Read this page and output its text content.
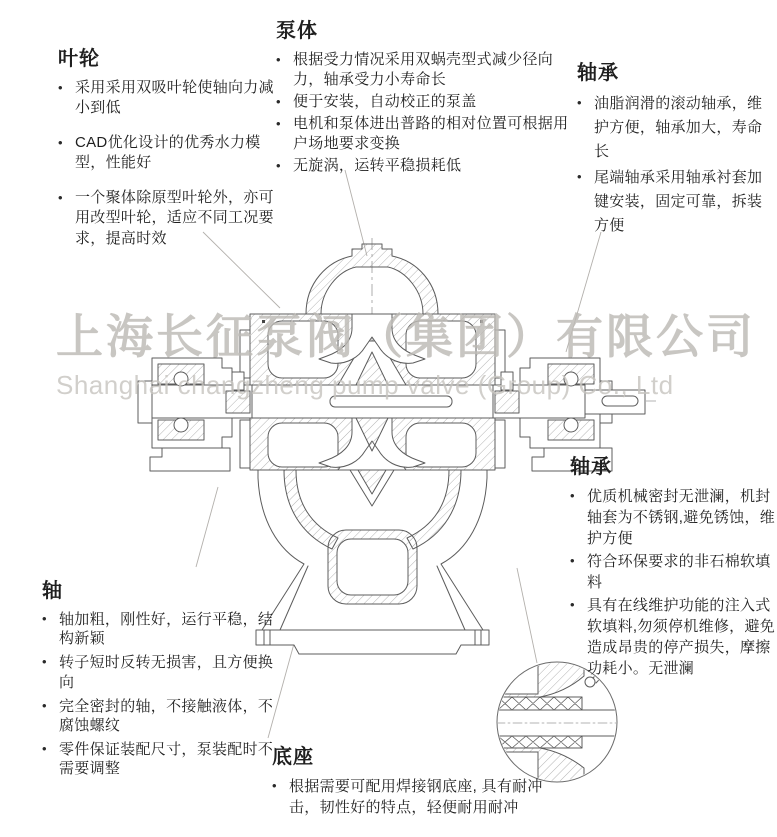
上海长征泵阀（集团）有限公司
Shanghai changzheng pump valve (Group) Co., Ltd
叶轮
• 采用采用双吸叶轮使轴向力减小到低
• CAD优化设计的优秀水力模型，性能好
• 一个聚体除原型叶轮外，亦可用改型叶轮，适应不同工况要求，提高时效
泵体
• 根据受力情况采用双蜗壳型式减少径向力，轴承受力小寿命长
• 便于安装，自动校正的泵盖
• 电机和泵体进出普路的相对位置可根据用户场地要求变换
• 无旋涡，运转平稳损耗低
轴承
• 油脂润滑的滚动轴承，维护方便，轴承加大，寿命长
• 尾端轴承采用轴承衬套加键安装，固定可靠，拆装方便
轴承
• 优质机械密封无泄澜，机封轴套为不锈钢,避免锈蚀，维护方便
• 符合环保要求的非石棉软填料
• 具有在线维护功能的注入式软填料,勿须停机维修，避免造成昂贵的停产损失，摩擦功耗小。无泄澜
轴
• 轴加粗，刚性好，运行平稳，结构新颖
• 转子短时反转无损害，且方便换向
• 完全密封的轴，不接触液体，不腐蚀螺纹
• 零件保证装配尺寸，泵装配时不需要调整
底座
• 根据需要可配用焊接钢底座, 具有耐冲击，韧性好的特点，轻便耐用耐冲
